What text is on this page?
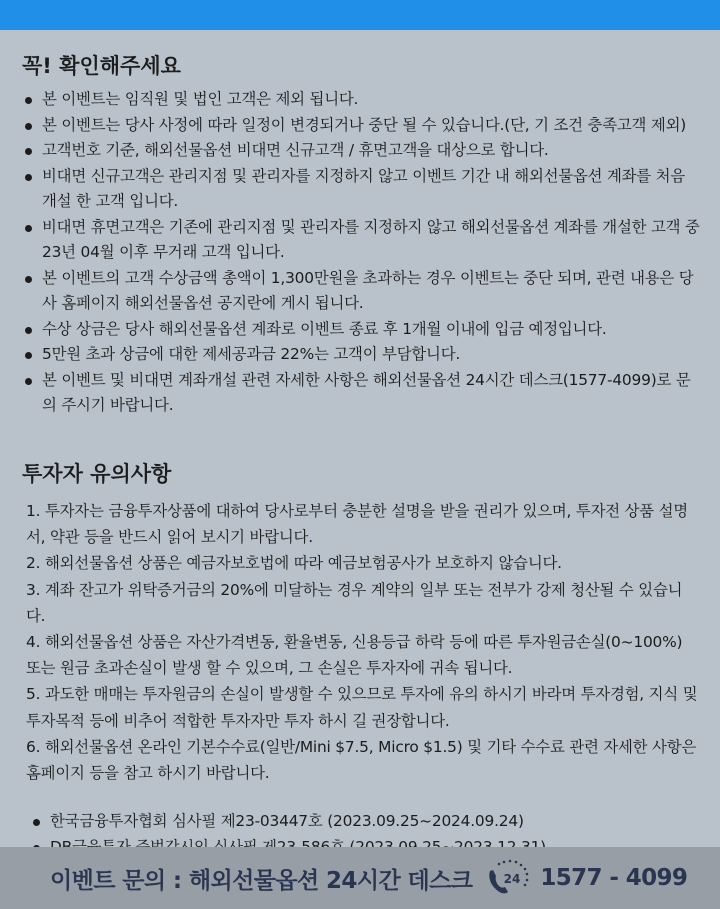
꼭! 확인해주세요
본 이벤트는 임직원 및 법인 고객은 제외 됩니다.
본 이벤트는 당사 사정에 따라 일정이 변경되거나 중단 될 수 있습니다.(단, 기 조건 충족고객 제외)
고객번호 기준, 해외선물옵션 비대면 신규고객 / 휴면고객을 대상으로 합니다.
비대면 신규고객은 관리지점 및 관리자를 지정하지 않고 이벤트 기간 내 해외선물옵션 계좌를 처음 개설 한 고객 입니다.
비대면 휴면고객은 기존에 관리지점 및 관리자를 지정하지 않고 해외선물옵션 계좌를 개설한 고객 중 23년 04월 이후 무거래 고객 입니다.
본 이벤트의 고객 수상금액 총액이 1,300만원을 초과하는 경우 이벤트는 중단 되며, 관련 내용은 당사 홈페이지 해외선물옵션 공지란에 게시 됩니다.
수상 상금은 당사 해외선물옵션 계좌로 이벤트 종료 후 1개월 이내에 입금 예정입니다.
5만원 초과 상금에 대한 제세공과금 22%는 고객이 부담합니다.
본 이벤트 및 비대면 계좌개설 관련 자세한 사항은 해외선물옵션 24시간 데스크(1577-4099)로 문의 주시기 바랍니다.
투자자 유의사항
1. 투자자는 금융투자상품에 대하여 당사로부터 충분한 설명을 받을 권리가 있으며, 투자전 상품 설명서, 약관 등을 반드시 읽어 보시기 바랍니다.
2. 해외선물옵션 상품은 예금자보호법에 따라 예금보험공사가 보호하지 않습니다.
3. 계좌 잔고가 위탁증거금의 20%에 미달하는 경우 계약의 일부 또는 전부가 강제 청산될 수 있습니다.
4. 해외선물옵션 상품은 자산가격변동, 환율변동, 신용등급 하락 등에 따른 투자원금손실(0~100%) 또는 원금 초과손실이 발생 할 수 있으며, 그 손실은 투자자에 귀속 됩니다.
5. 과도한 매매는 투자원금의 손실이 발생할 수 있으므로 투자에 유의 하시기 바라며 투자경험, 지식 및 투자목적 등에 비추어 적합한 투자자만 투자 하시 길 권장합니다.
6. 해외선물옵션 온라인 기본수수료(일반/Mini $7.5, Micro $1.5) 및 기타 수수료 관련 자세한 사항은 홈페이지 등을 참고 하시기 바랍니다.
한국금융투자협회 심사필 제23-03447호 (2023.09.25~2024.09.24)
이벤트 문의 : 해외선물옵션 24시간 데스크	24 1577 - 4099
